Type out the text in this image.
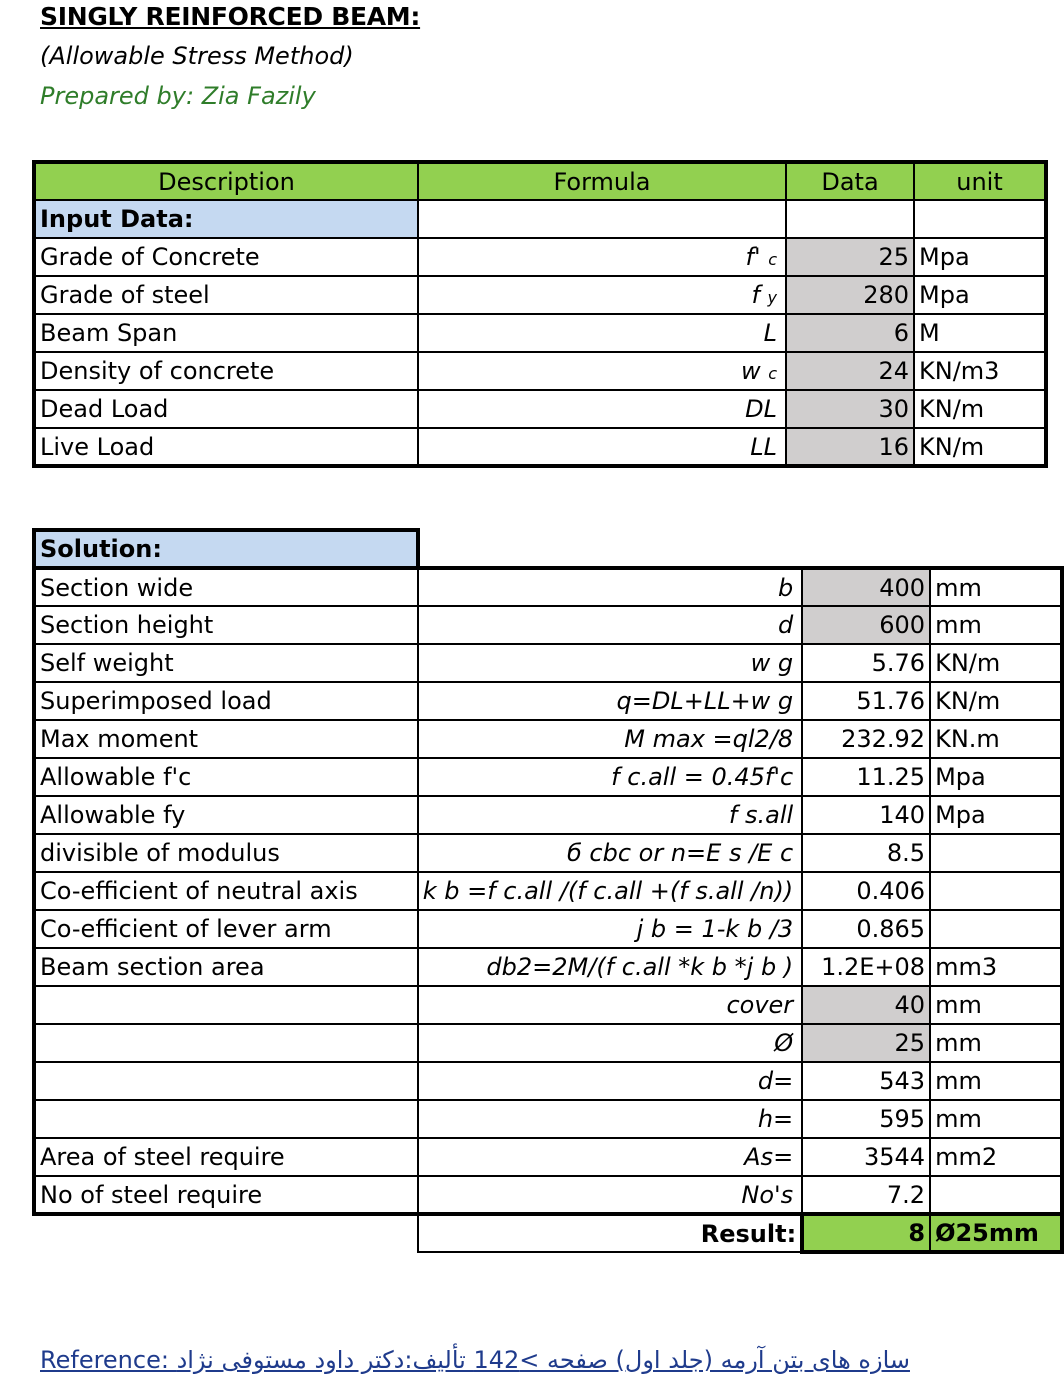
SINGLY REINFORCED BEAM:
(Allowable Stress Method)
Prepared by: Zia Fazily
Description	Formula	Data	unit
Input Data:			
Grade of Concrete	f' c	25	Mpa
Grade of steel	f y	280	Mpa
Beam Span	L	6	M
Density of concrete	w c	24	KN/m3
Dead Load	DL	30	KN/m
Live Load	LL	16	KN/m
Solution:			
Section wide	b	400	mm
Section height	d	600	mm
Self weight	w g	5.76	KN/m
Superimposed load	q=DL+LL+w g	51.76	KN/m
Max moment	M max =ql2/8	232.92	KN.m
Allowable f'c	f c.all = 0.45f'c	11.25	Mpa
Allowable fy	f s.all	140	Mpa
divisible of modulus	б cbc or n=E s /E c	8.5	
Co-efficient of neutral axis	k b =f c.all /(f c.all +(f s.all /n))	0.406	
Co-efficient of lever arm	j b = 1-k b /3	0.865	
Beam section area	db2=2M/(f c.all *k b *j b )	1.2E+08	mm3
	cover	40	mm
	Ø	25	mm
	d=	543	mm
	h=	595	mm
Area of steel require	As=	3544	mm2
No of steel require	No's	7.2	
	Result:	8	Ø25mm
Reference: سازه های بتن آرمه (جلد اول) صفحه >142 تألیف:دکتر داود مستوفی نژاد
